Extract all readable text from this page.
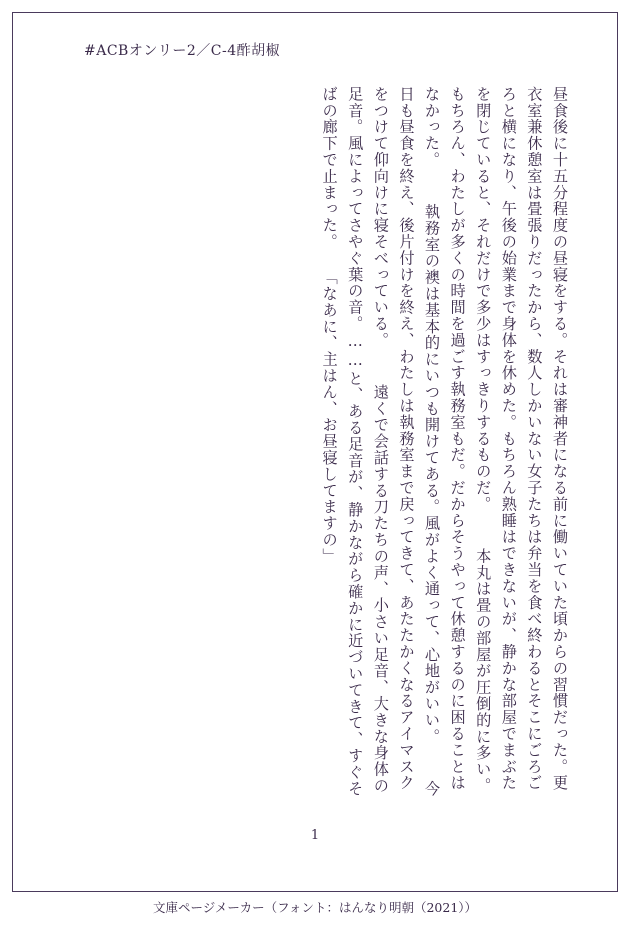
#ACBオンリー2／C-4酢胡椒

昼食後に十五分程度の昼寝をする。それは審神者になる前に働いていた頃からの習慣だった。更衣室兼休憩室は畳張りだったから、数人しかいない女子たちは弁当を食べ終わるとそこにごろごろと横になり、午後の始業まで身体を休めた。もちろん熟睡はできないが、静かな部屋でまぶたを閉じていると、それだけで多少はすっきりするものだ。 　本丸は畳の部屋が圧倒的に多い。もちろん、わたしが多くの時間を過ごす執務室もだ。だからそうやって休憩するのに困ることはなかった。 　執務室の襖は基本的にいつも開けてある。風がよく通って、心地がいい。 　今日も昼食を終え、後片付けを終え、わたしは執務室まで戻ってきて、あたたかくなるアイマスクをつけて仰向けに寝そべっている。 　遠くで会話する刀たちの声、小さい足音、大きな身体の足音。風によってさやぐ葉の音。……と、ある足音が、静かながら確かに近づいてきて、すぐそばの廊下で止まった。 「なあに、主はん、お昼寝してますの」

1
文庫ページメーカー（フォント：はんなり明朝（2021））
